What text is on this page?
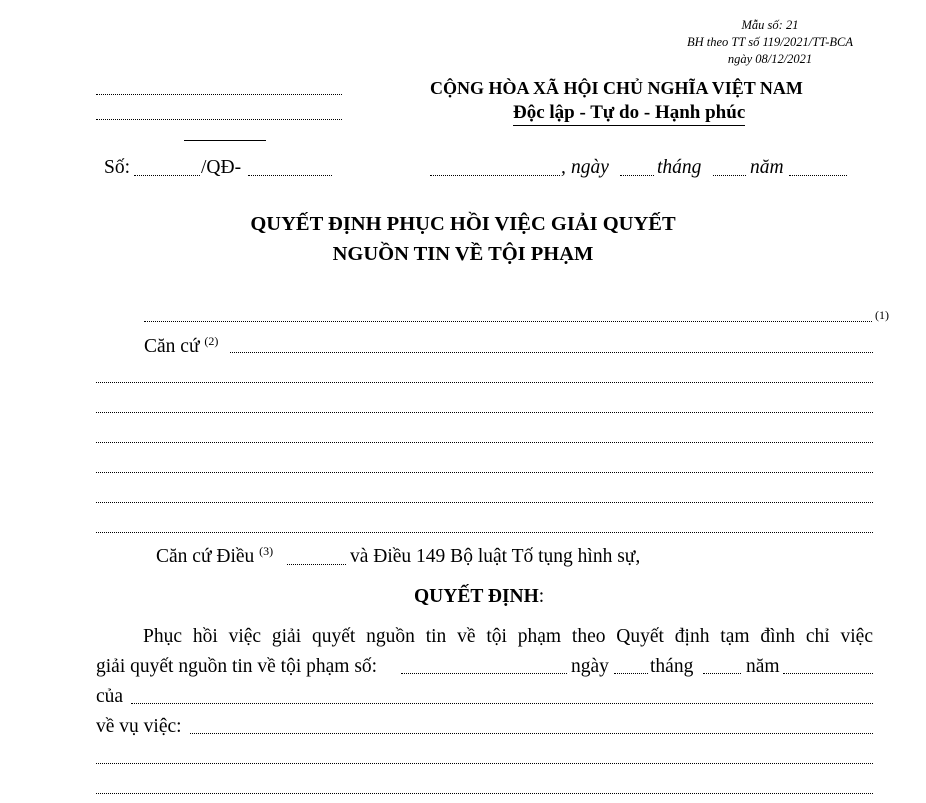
Mẫu số: 21
BH theo TT số 119/2021/TT-BCA
ngày 08/12/2021
CỘNG HÒA XÃ HỘI CHỦ NGHĨA VIỆT NAM
Độc lập - Tự do - Hạnh phúc
Số:	/QĐ-	, ngày tháng năm
QUYẾT ĐỊNH PHỤC HỒI VIỆC GIẢI QUYẾT
NGUỒN TIN VỀ TỘI PHẠM
(1)
Căn cứ $^{(2)}$
Căn cứ Điều $^{(3)}$	và Điều 149 Bộ luật Tố tụng hình sự,
QUYẾT ĐỊNH:
Phục hồi việc giải quyết nguồn tin về tội phạm theo Quyết định tạm đình chỉ việc
giải quyết nguồn tin về tội phạm số:	ngày tháng	năm
của
về vụ việc:
